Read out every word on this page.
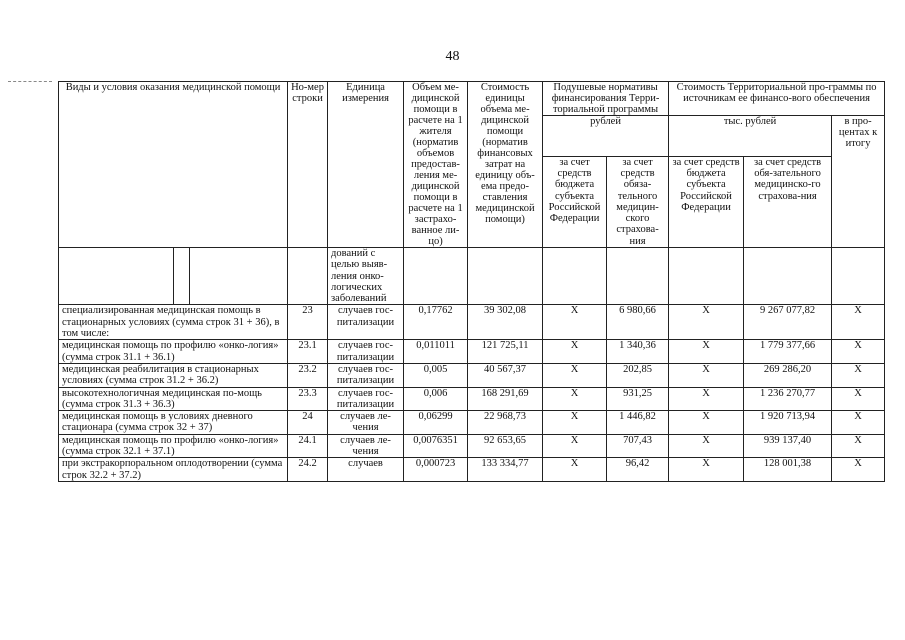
48
Виды и условия оказания медицинской помощи			Но-мер строки	Единица измерения	Объем ме-дицинской помощи в расчете на 1 жителя (норматив объемов предостав-ления ме-дицинской помощи в расчете на 1 застрахо-ванное ли-цо)	Стоимость единицы объема ме-дицинской помощи (норматив финансовых затрат на единицу объ-ема предо-ставления медицинской помощи)	Подушевые нормативы финансирования Терри-ториальной программы		Стоимость Территориальной про-граммы по источникам ее финансо-вого обеспечения		
							рублей		тыс. рублей		в про-центах к итогу
							за счет средств бюджета субъекта Российской Федерации	за счет средств обяза-тельного медицин-ского страхова-ния	за счет средств бюджета субъекта Российской Федерации	за счет средств обя-зательного медицинско-го страхова-ния	
				дований с целью выяв-ления онко-логических заболеваний							
специализированная медицинская помощь в стационарных условиях (сумма строк 31 + 36), в том числе:			23	случаев гос-питализации	0,17762	39 302,08	X	6 980,66	X	9 267 077,82	X
медицинская помощь по профилю «онко-логия» (сумма строк 31.1 + 36.1)			23.1	случаев гос-питализации	0,011011	121 725,11	X	1 340,36	X	1 779 377,66	X
медицинская реабилитация в стационарных условиях (сумма строк 31.2 + 36.2)			23.2	случаев гос-питализации	0,005	40 567,37	X	202,85	X	269 286,20	X
высокотехнологичная медицинская по-мощь (сумма строк 31.3 + 36.3)			23.3	случаев гос-питализации	0,006	168 291,69	X	931,25	X	1 236 270,77	X
медицинская помощь в условиях дневного стационара (сумма строк 32 + 37)			24	случаев ле-чения	0,06299	22 968,73	X	1 446,82	X	1 920 713,94	X
медицинская помощь по профилю «онко-логия» (сумма строк 32.1 + 37.1)			24.1	случаев ле-чения	0,0076351	92 653,65	X	707,43	X	939 137,40	X
при экстракорпоральном оплодотворении (сумма строк 32.2 + 37.2)			24.2	случаев	0,000723	133 334,77	X	96,42	X	128 001,38	X
